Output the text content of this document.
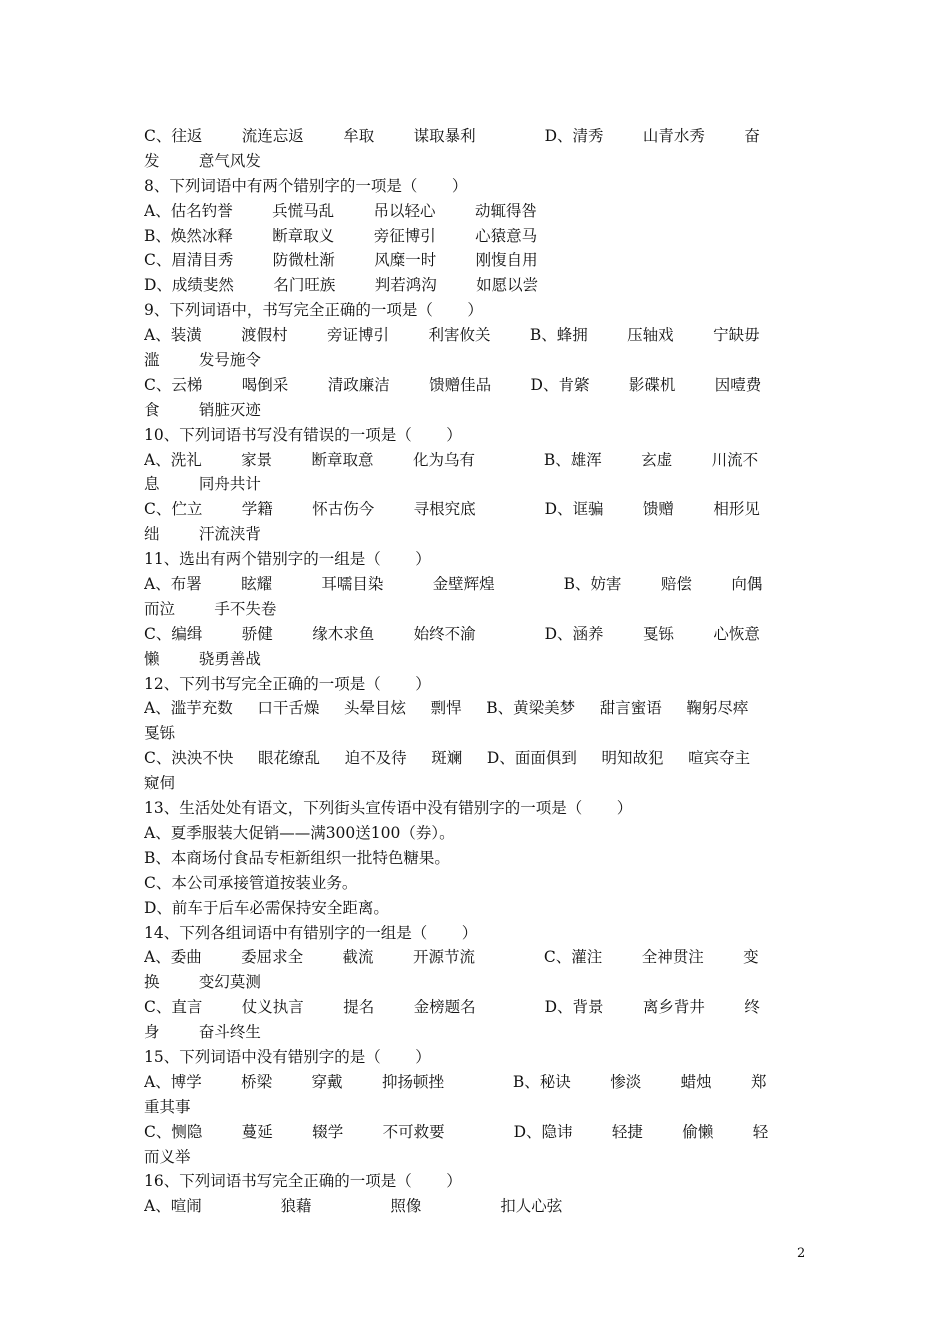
C、往返        流连忘返        牟取        谋取暴利              D、清秀        山青水秀        奋
发        意气风发
8、下列词语中有两个错别字的一项是（       ）
A、估名钓誉        兵慌马乱        吊以轻心        动辄得咎
B、焕然冰释        断章取义        旁征博引        心猿意马
C、眉清目秀        防微杜渐        风糜一时        刚愎自用
D、成绩斐然        名门旺族        判若鸿沟        如愿以尝
9、下列词语中，书写完全正确的一项是（       ）
A、装潢        渡假村        旁证博引        利害攸关        B、蜂拥        压轴戏        宁缺毋
滥        发号施令
C、云梯        喝倒采        清政廉洁        馈赠佳品        D、肯綮        影碟机        因噎费
食        销脏灭迹
10、下列词语书写没有错误的一项是（       ）
A、洗礼        家景        断章取意        化为乌有              B、雄浑        玄虚        川流不
息        同舟共计
C、伫立        学籍        怀古伤今        寻根究底              D、诓骗        馈赠        相形见
绌        汗流浃背
11、选出有两个错别字的一组是（       ）
A、布署        眩耀          耳嚅目染          金壁辉煌              B、妨害        赔偿        向偶
而泣        手不失卷
C、编缉        骄健        缘木求鱼        始终不渝              D、涵养        戛铄        心恢意
懒        骁勇善战
12、下列书写完全正确的一项是（       ）
A、滥芋充数     口干舌燥     头晕目炫     剽悍     B、黄梁美梦     甜言蜜语     鞠躬尽瘁
戛铄
C、泱泱不快     眼花缭乱     迫不及待     斑斓     D、面面俱到     明知故犯     喧宾夺主
窥伺
13、生活处处有语文，下列街头宣传语中没有错别字的一项是（       ）
A、夏季服装大促销——满300送100（券）。
B、本商场付食品专柜新组织一批特色糖果。
C、本公司承接管道按装业务。
D、前车于后车必需保持安全距离。
14、下列各组词语中有错别字的一组是（       ）
A、委曲        委屈求全        截流        开源节流              C、灌注        全神贯注        变
换        变幻莫测
C、直言        仗义执言        提名        金榜题名              D、背景        离乡背井        终
身        奋斗终生
15、下列词语中没有错别字的是（       ）
A、博学        桥梁        穿戴        抑扬顿挫              B、秘诀        惨淡        蜡烛        郑
重其事
C、恻隐        蔓延        辍学        不可救要              D、隐讳        轻捷        偷懒        轻
而义举
16、下列词语书写完全正确的一项是（       ）
A、喧闹                狼藉                照像                扣人心弦
2
